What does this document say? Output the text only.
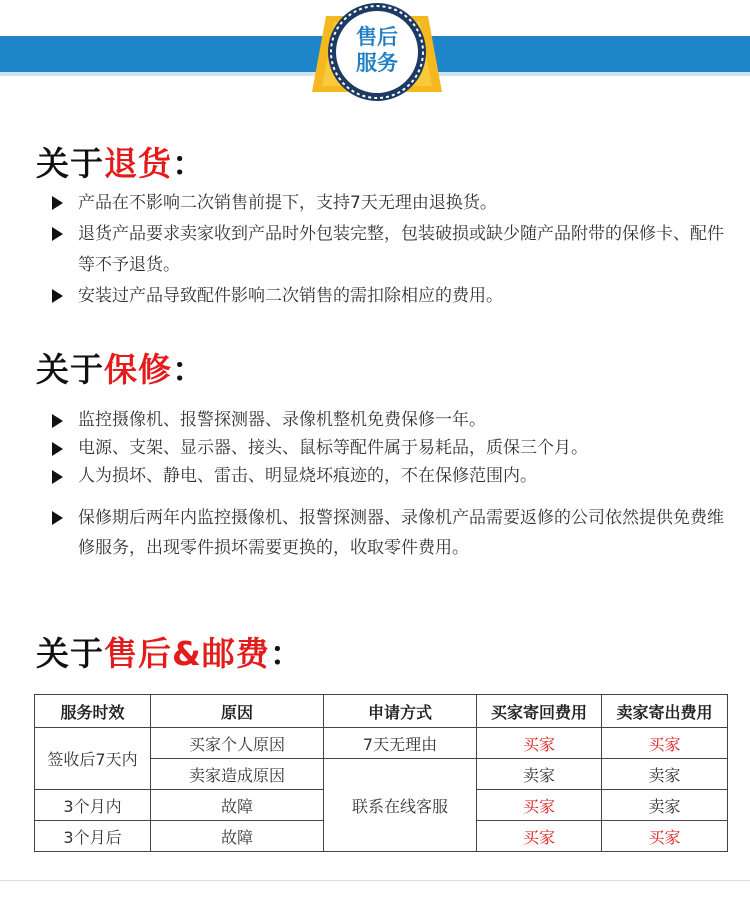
售后
服务
关于退货：
产品在不影响二次销售前提下，支持7天无理由退换货。
退货产品要求卖家收到产品时外包装完整，包装破损或缺少随产品附带的保修卡、配件等不予退货。
安装过产品导致配件影响二次销售的需扣除相应的费用。
关于保修：
监控摄像机、报警探测器、录像机整机免费保修一年。
电源、支架、显示器、接头、鼠标等配件属于易耗品，质保三个月。
人为损坏、静电、雷击、明显烧坏痕迹的，不在保修范围内。
保修期后两年内监控摄像机、报警探测器、录像机产品需要返修的公司依然提供免费维修服务，出现零件损坏需要更换的，收取零件费用。
关于售后&邮费：
服务时效	原因	申请方式	买家寄回费用	卖家寄出费用
签收后7天内	买家个人原因	7天无理由	买家	买家
	卖家造成原因	联系在线客服	卖家	卖家
3个月内	故障		买家	卖家
3个月后	故障		买家	买家
